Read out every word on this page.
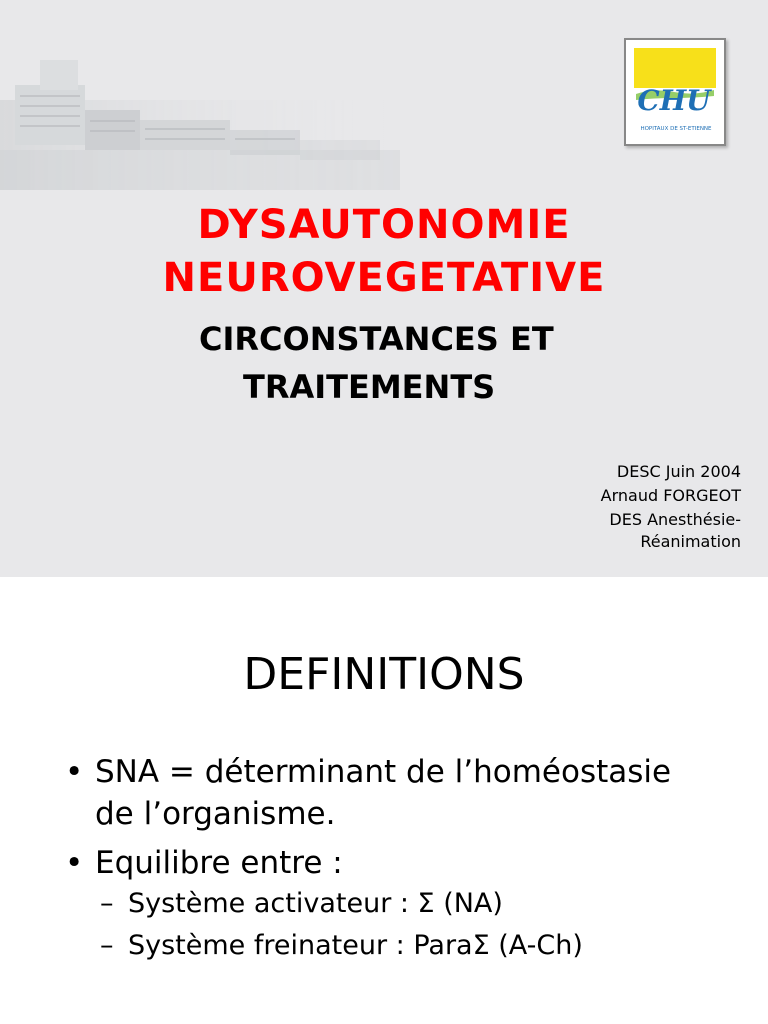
CHU
HOPITAUX DE ST-ETIENNE
DYSAUTONOMIE
NEUROVEGETATIVE
CIRCONSTANCES ET
TRAITEMENTS
DESC Juin 2004
Arnaud FORGEOT
DES Anesthésie-
Réanimation
DEFINITIONS
• SNA = déterminant de l’homéostasie
de l’organisme.
• Equilibre entre :
– Système activateur : Σ (NA)
– Système freinateur : ParaΣ (A-Ch)
